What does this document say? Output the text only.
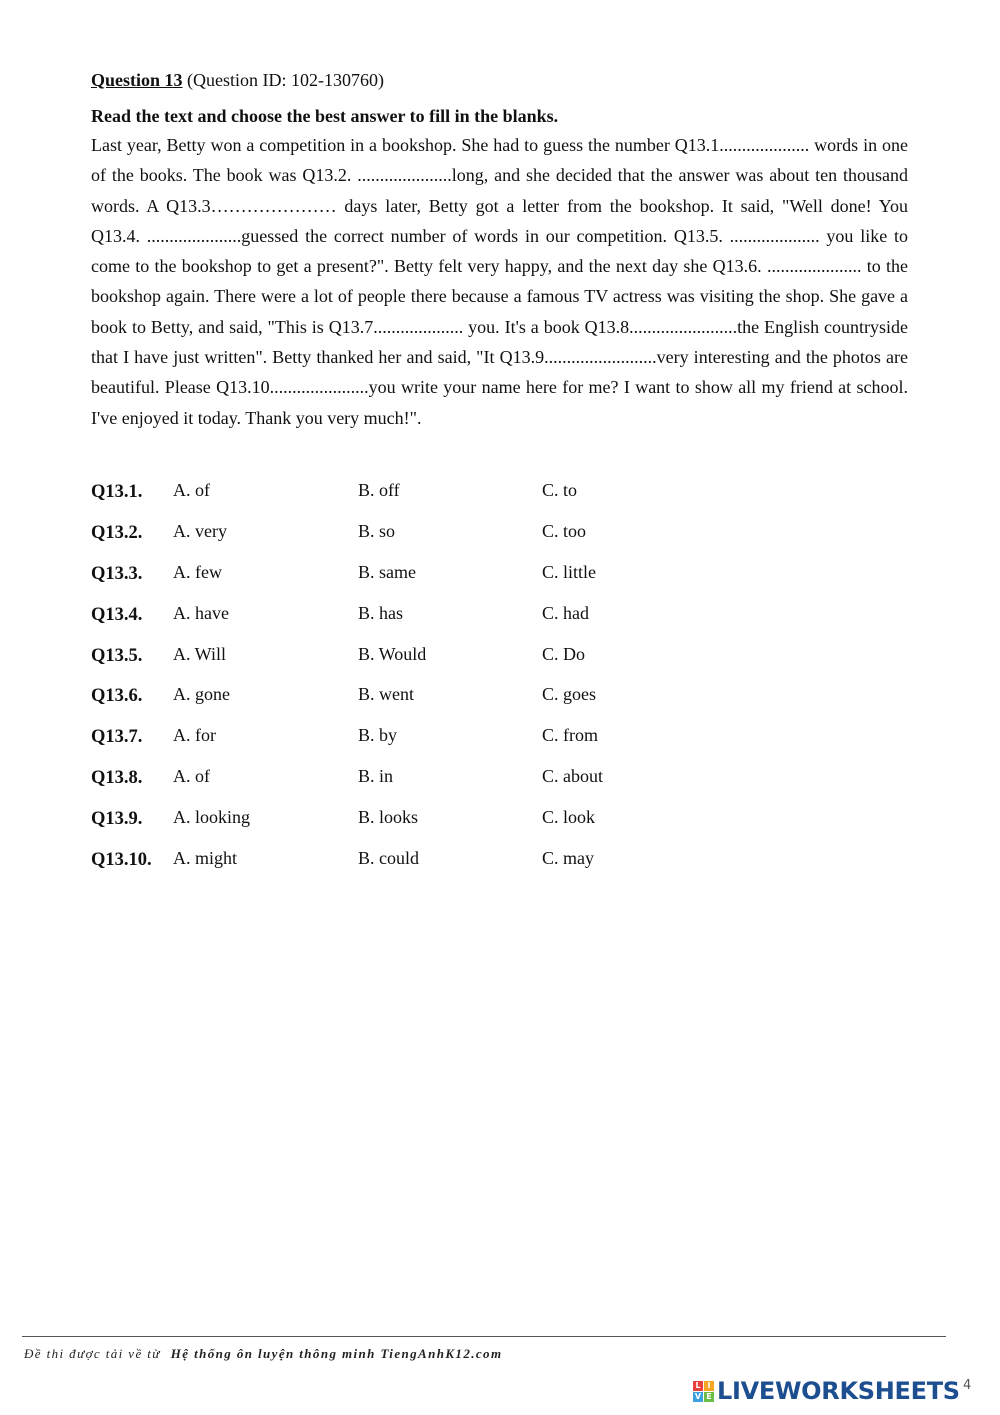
Question 13 (Question ID: 102-130760)
Read the text and choose the best answer to fill in the blanks.

Last year, Betty won a competition in a bookshop. She had to guess the number Q13.1.................... words in one of the books. The book was Q13.2. .....................long, and she decided that the answer was about ten thousand words. A Q13.3………………… days later, Betty got a letter from the bookshop. It said, "Well done! You Q13.4. .....................guessed the correct number of words in our competition. Q13.5. .................... you like to come to the bookshop to get a present?". Betty felt very happy, and the next day she Q13.6. ..................... to the bookshop again. There were a lot of people there because a famous TV actress was visiting the shop. She gave a book to Betty, and said, "This is Q13.7.................... you. It's a book Q13.8........................the English countryside that I have just written". Betty thanked her and said, "It Q13.9.........................very interesting and the photos are beautiful. Please Q13.10......................you write your name here for me? I want to show all my friend at school. I've enjoyed it today. Thank you very much!".

Q13.1. A. of	B. off	C. to
Q13.2. A. very	B. so	C. too
Q13.3. A. few	B. same	C. little
Q13.4. A. have	B. has	C. had
Q13.5. A. Will	B. Would	C. Do
Q13.6. A. gone	B. went	C. goes
Q13.7. A. for	B. by	C. from
Q13.8. A. of	B. in	C. about
Q13.9. A. looking	B. looks	C. look
Q13.10. A. might	B. could	C. may
Đề thi được tải về từ Hệ thống ôn luyện thông minh TiengAnhK12.com
L I
V E LIVEWORKSHEETS 4
